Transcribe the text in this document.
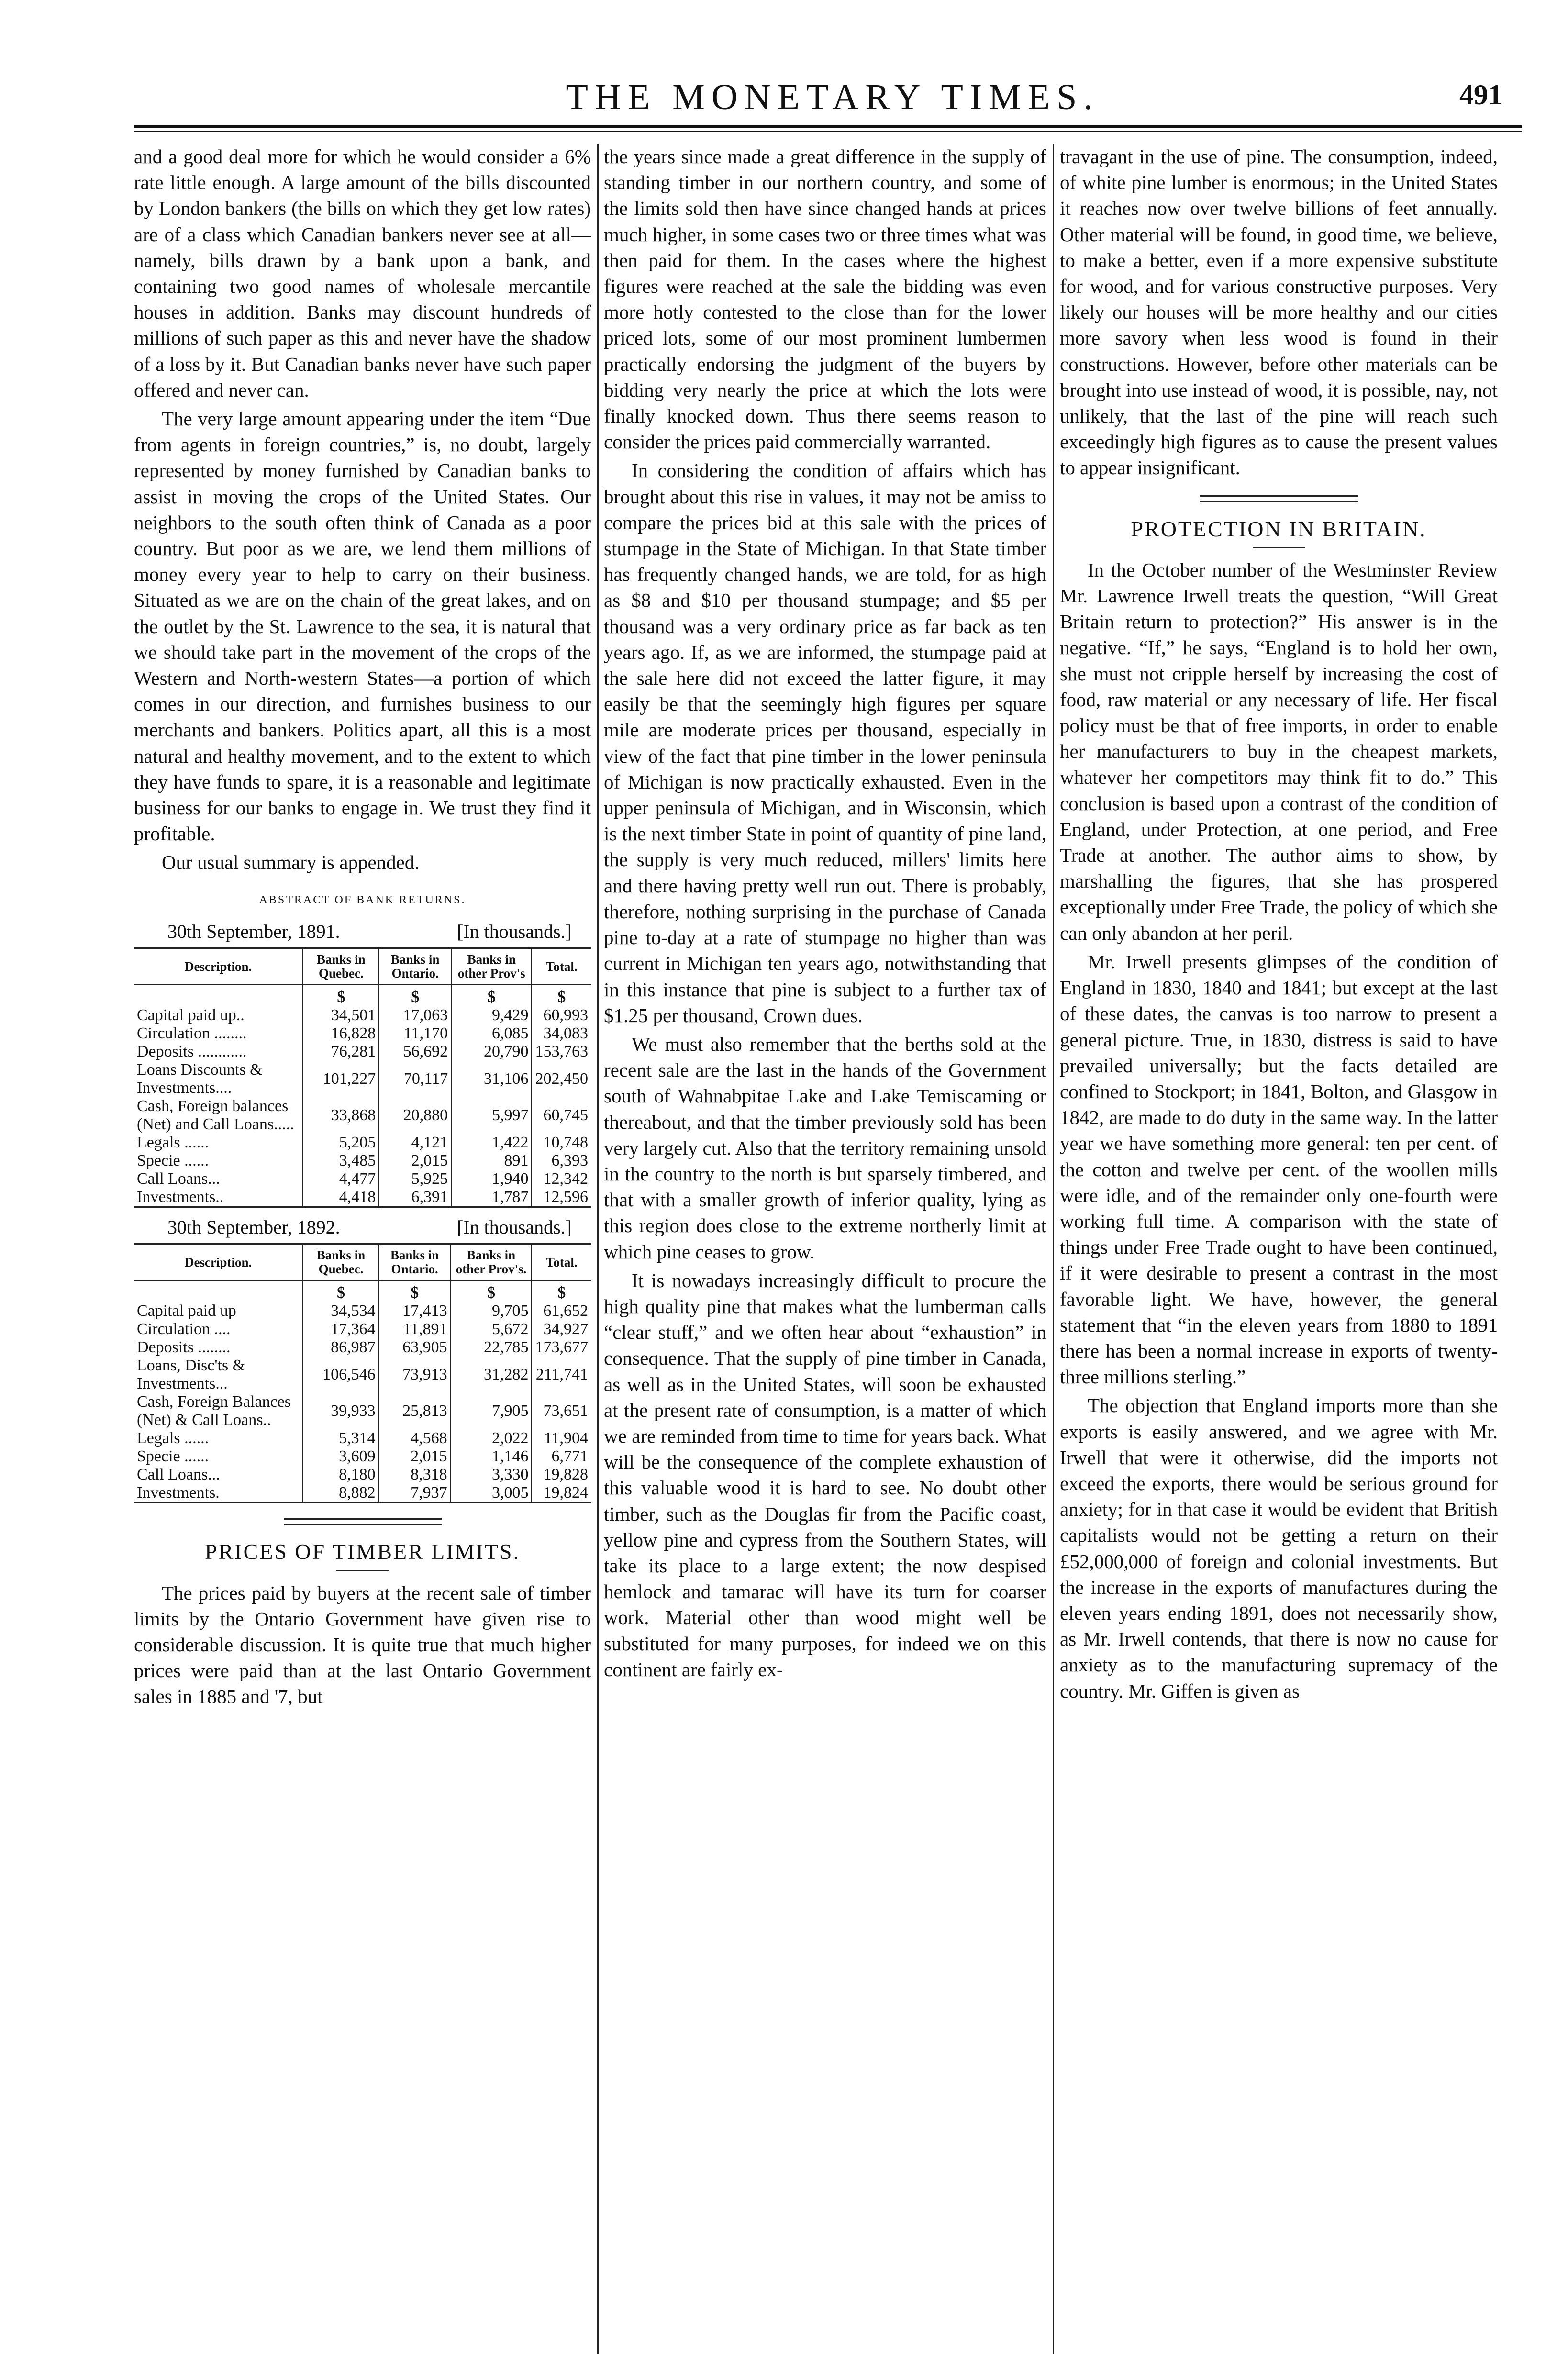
THE MONETARY TIMES.	491

and a good deal more for which he would consider a 6% rate little enough. A large amount of the bills discounted by London bankers (the bills on which they get low rates) are of a class which Canadian bankers never see at all—namely, bills drawn by a bank upon a bank, and containing two good names of wholesale mercantile houses in addition. Banks may discount hundreds of millions of such paper as this and never have the shadow of a loss by it. But Canadian banks never have such paper offered and never can.

The very large amount appearing under the item “Due from agents in foreign countries,” is, no doubt, largely represented by money furnished by Canadian banks to assist in moving the crops of the United States. Our neighbors to the south often think of Canada as a poor country. But poor as we are, we lend them millions of money every year to help to carry on their business. Situated as we are on the chain of the great lakes, and on the outlet by the St. Lawrence to the sea, it is natural that we should take part in the movement of the crops of the Western and North-western States—a portion of which comes in our direction, and furnishes business to our merchants and bankers. Politics apart, all this is a most natural and healthy movement, and to the extent to which they have funds to spare, it is a reasonable and legitimate business for our banks to engage in. We trust they find it profitable.

Our usual summary is appended.

ABSTRACT OF BANK RETURNS.
30th September, 1891.	[In thousands.]
Description.	Banks in Quebec.	Banks in Ontario.	Banks in other Prov's	Total.
	$	$	$	$
Capital paid up..	34,501	17,063	9,429	60,993
Circulation ........	16,828	11,170	6,085	34,083
Deposits ............	76,281	56,692	20,790	153,763
Loans Discounts & Investments....	101,227	70,117	31,106	202,450
Cash, Foreign balances (Net) and Call Loans.....	33,868	20,880	5,997	60,745
Legals ......	5,205	4,121	1,422	10,748
Specie ......	3,485	2,015	891	6,393
Call Loans...	4,477	5,925	1,940	12,342
Investments..	4,418	6,391	1,787	12,596
30th September, 1892.	[In thousands.]
Description.	Banks in Quebec.	Banks in Ontario.	Banks in other Prov's.	Total.
	$	$	$	$
Capital paid up	34,534	17,413	9,705	61,652
Circulation ....	17,364	11,891	5,672	34,927
Deposits ........	86,987	63,905	22,785	173,677
Loans, Disc'ts & Investments...	106,546	73,913	31,282	211,741
Cash, Foreign Balances (Net) & Call Loans..	39,933	25,813	7,905	73,651
Legals ......	5,314	4,568	2,022	11,904
Specie ......	3,609	2,015	1,146	6,771
Call Loans...	8,180	8,318	3,330	19,828
Investments.	8,882	7,937	3,005	19,824
PRICES OF TIMBER LIMITS.

The prices paid by buyers at the recent sale of timber limits by the Ontario Government have given rise to considerable discussion. It is quite true that much higher prices were paid than at the last Ontario Government sales in 1885 and '7, but

the years since made a great difference in the supply of standing timber in our northern country, and some of the limits sold then have since changed hands at prices much higher, in some cases two or three times what was then paid for them. In the cases where the highest figures were reached at the sale the bidding was even more hotly contested to the close than for the lower priced lots, some of our most prominent lumbermen practically endorsing the judgment of the buyers by bidding very nearly the price at which the lots were finally knocked down. Thus there seems reason to consider the prices paid commercially warranted.

In considering the condition of affairs which has brought about this rise in values, it may not be amiss to compare the prices bid at this sale with the prices of stumpage in the State of Michigan. In that State timber has frequently changed hands, we are told, for as high as $8 and $10 per thousand stumpage; and $5 per thousand was a very ordinary price as far back as ten years ago. If, as we are informed, the stumpage paid at the sale here did not exceed the latter figure, it may easily be that the seemingly high figures per square mile are moderate prices per thousand, especially in view of the fact that pine timber in the lower peninsula of Michigan is now practically exhausted. Even in the upper peninsula of Michigan, and in Wisconsin, which is the next timber State in point of quantity of pine land, the supply is very much reduced, millers' limits here and there having pretty well run out. There is probably, therefore, nothing surprising in the purchase of Canada pine to-day at a rate of stumpage no higher than was current in Michigan ten years ago, notwithstanding that in this instance that pine is subject to a further tax of $1.25 per thousand, Crown dues.

We must also remember that the berths sold at the recent sale are the last in the hands of the Government south of Wahnabpitae Lake and Lake Temiscaming or thereabout, and that the timber previously sold has been very largely cut. Also that the territory remaining unsold in the country to the north is but sparsely timbered, and that with a smaller growth of inferior quality, lying as this region does close to the extreme northerly limit at which pine ceases to grow.

It is nowadays increasingly difficult to procure the high quality pine that makes what the lumberman calls “clear stuff,” and we often hear about “exhaustion” in consequence. That the supply of pine timber in Canada, as well as in the United States, will soon be exhausted at the present rate of consumption, is a matter of which we are reminded from time to time for years back. What will be the consequence of the complete exhaustion of this valuable wood it is hard to see. No doubt other timber, such as the Douglas fir from the Pacific coast, yellow pine and cypress from the Southern States, will take its place to a large extent; the now despised hemlock and tamarac will have its turn for coarser work. Material other than wood might well be substituted for many purposes, for indeed we on this continent are fairly ex-

travagant in the use of pine. The consumption, indeed, of white pine lumber is enormous; in the United States it reaches now over twelve billions of feet annually. Other material will be found, in good time, we believe, to make a better, even if a more expensive substitute for wood, and for various constructive purposes. Very likely our houses will be more healthy and our cities more savory when less wood is found in their constructions. However, before other materials can be brought into use instead of wood, it is possible, nay, not unlikely, that the last of the pine will reach such exceedingly high figures as to cause the present values to appear insignificant.

PROTECTION IN BRITAIN.

In the October number of the Westminster Review Mr. Lawrence Irwell treats the question, “Will Great Britain return to protection?” His answer is in the negative. “If,” he says, “England is to hold her own, she must not cripple herself by increasing the cost of food, raw material or any necessary of life. Her fiscal policy must be that of free imports, in order to enable her manufacturers to buy in the cheapest markets, whatever her competitors may think fit to do.” This conclusion is based upon a contrast of the condition of England, under Protection, at one period, and Free Trade at another. The author aims to show, by marshalling the figures, that she has prospered exceptionally under Free Trade, the policy of which she can only abandon at her peril.

Mr. Irwell presents glimpses of the condition of England in 1830, 1840 and 1841; but except at the last of these dates, the canvas is too narrow to present a general picture. True, in 1830, distress is said to have prevailed universally; but the facts detailed are confined to Stockport; in 1841, Bolton, and Glasgow in 1842, are made to do duty in the same way. In the latter year we have something more general: ten per cent. of the cotton and twelve per cent. of the woollen mills were idle, and of the remainder only one-fourth were working full time. A comparison with the state of things under Free Trade ought to have been continued, if it were desirable to present a contrast in the most favorable light. We have, however, the general statement that “in the eleven years from 1880 to 1891 there has been a normal increase in exports of twenty-three millions sterling.”

The objection that England imports more than she exports is easily answered, and we agree with Mr. Irwell that were it otherwise, did the imports not exceed the exports, there would be serious ground for anxiety; for in that case it would be evident that British capitalists would not be getting a return on their £52,000,000 of foreign and colonial investments. But the increase in the exports of manufactures during the eleven years ending 1891, does not necessarily show, as Mr. Irwell contends, that there is now no cause for anxiety as to the manufacturing supremacy of the country. Mr. Giffen is given as
